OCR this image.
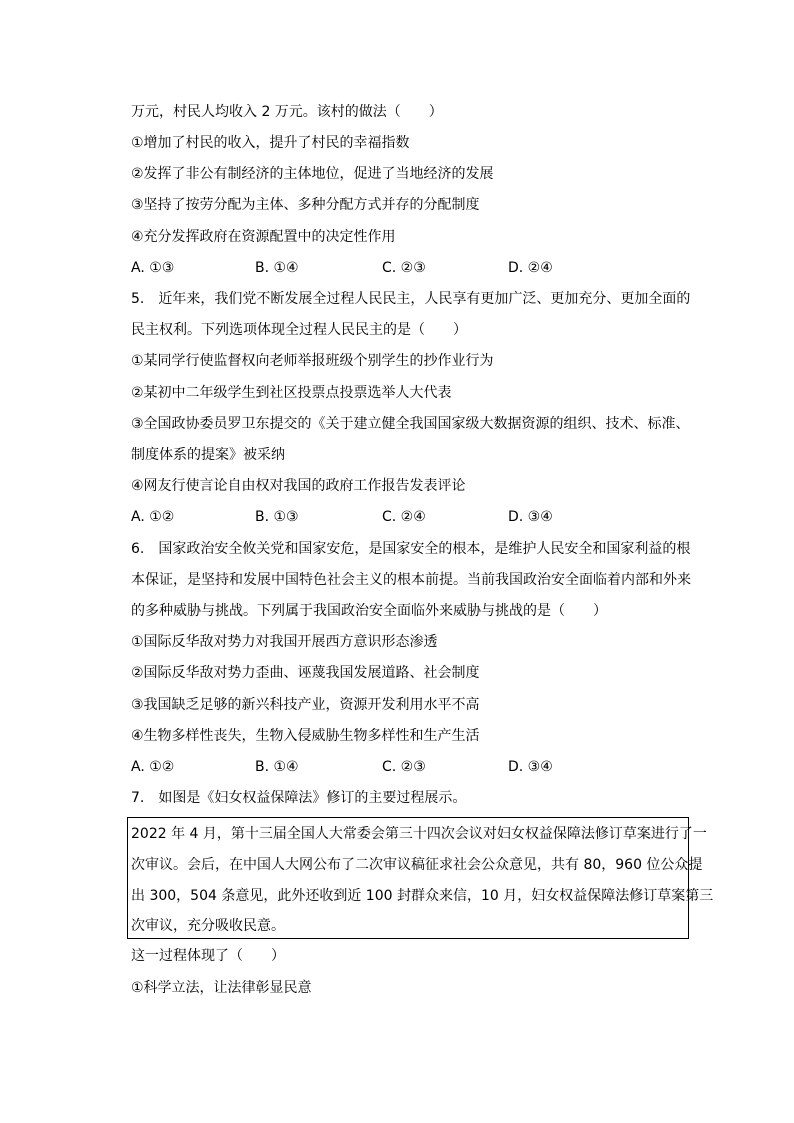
万元，村民人均收入 2 万元。该村的做法（　　）
①增加了村民的收入，提升了村民的幸福指数
②发挥了非公有制经济的主体地位，促进了当地经济的发展
③坚持了按劳分配为主体、多种分配方式并存的分配制度
④充分发挥政府在资源配置中的决定性作用
A. ①③	B. ①④	C. ②③	D. ②④
5.　近年来，我们党不断发展全过程人民民主，人民享有更加广泛、更加充分、更加全面的
民主权利。下列选项体现全过程人民民主的是（　　）
①某同学行使监督权向老师举报班级个别学生的抄作业行为
②某初中二年级学生到社区投票点投票选举人大代表
③全国政协委员罗卫东提交的《关于建立健全我国国家级大数据资源的组织、技术、标准、
制度体系的提案》被采纳
④网友行使言论自由权对我国的政府工作报告发表评论
A. ①②	B. ①③	C. ②④	D. ③④
6.　国家政治安全攸关党和国家安危，是国家安全的根本，是维护人民安全和国家利益的根
本保证，是坚持和发展中国特色社会主义的根本前提。当前我国政治安全面临着内部和外来
的多种威胁与挑战。下列属于我国政治安全面临外来威胁与挑战的是（　　）
①国际反华敌对势力对我国开展西方意识形态渗透
②国际反华敌对势力歪曲、诬蔑我国发展道路、社会制度
③我国缺乏足够的新兴科技产业，资源开发利用水平不高
④生物多样性丧失，生物入侵威胁生物多样性和生产生活
A. ①②	B. ①④	C. ②③	D. ③④
7.　如图是《妇女权益保障法》修订的主要过程展示。
2022 年 4 月，第十三届全国人大常委会第三十四次会议对妇女权益保障法修订草案进行了一
次审议。会后，在中国人大网公布了二次审议稿征求社会公众意见，共有 80，960 位公众提
出 300，504 条意见，此外还收到近 100 封群众来信，10 月，妇女权益保障法修订草案第三
次审议，充分吸收民意。
这一过程体现了（　　）
①科学立法，让法律彰显民意
